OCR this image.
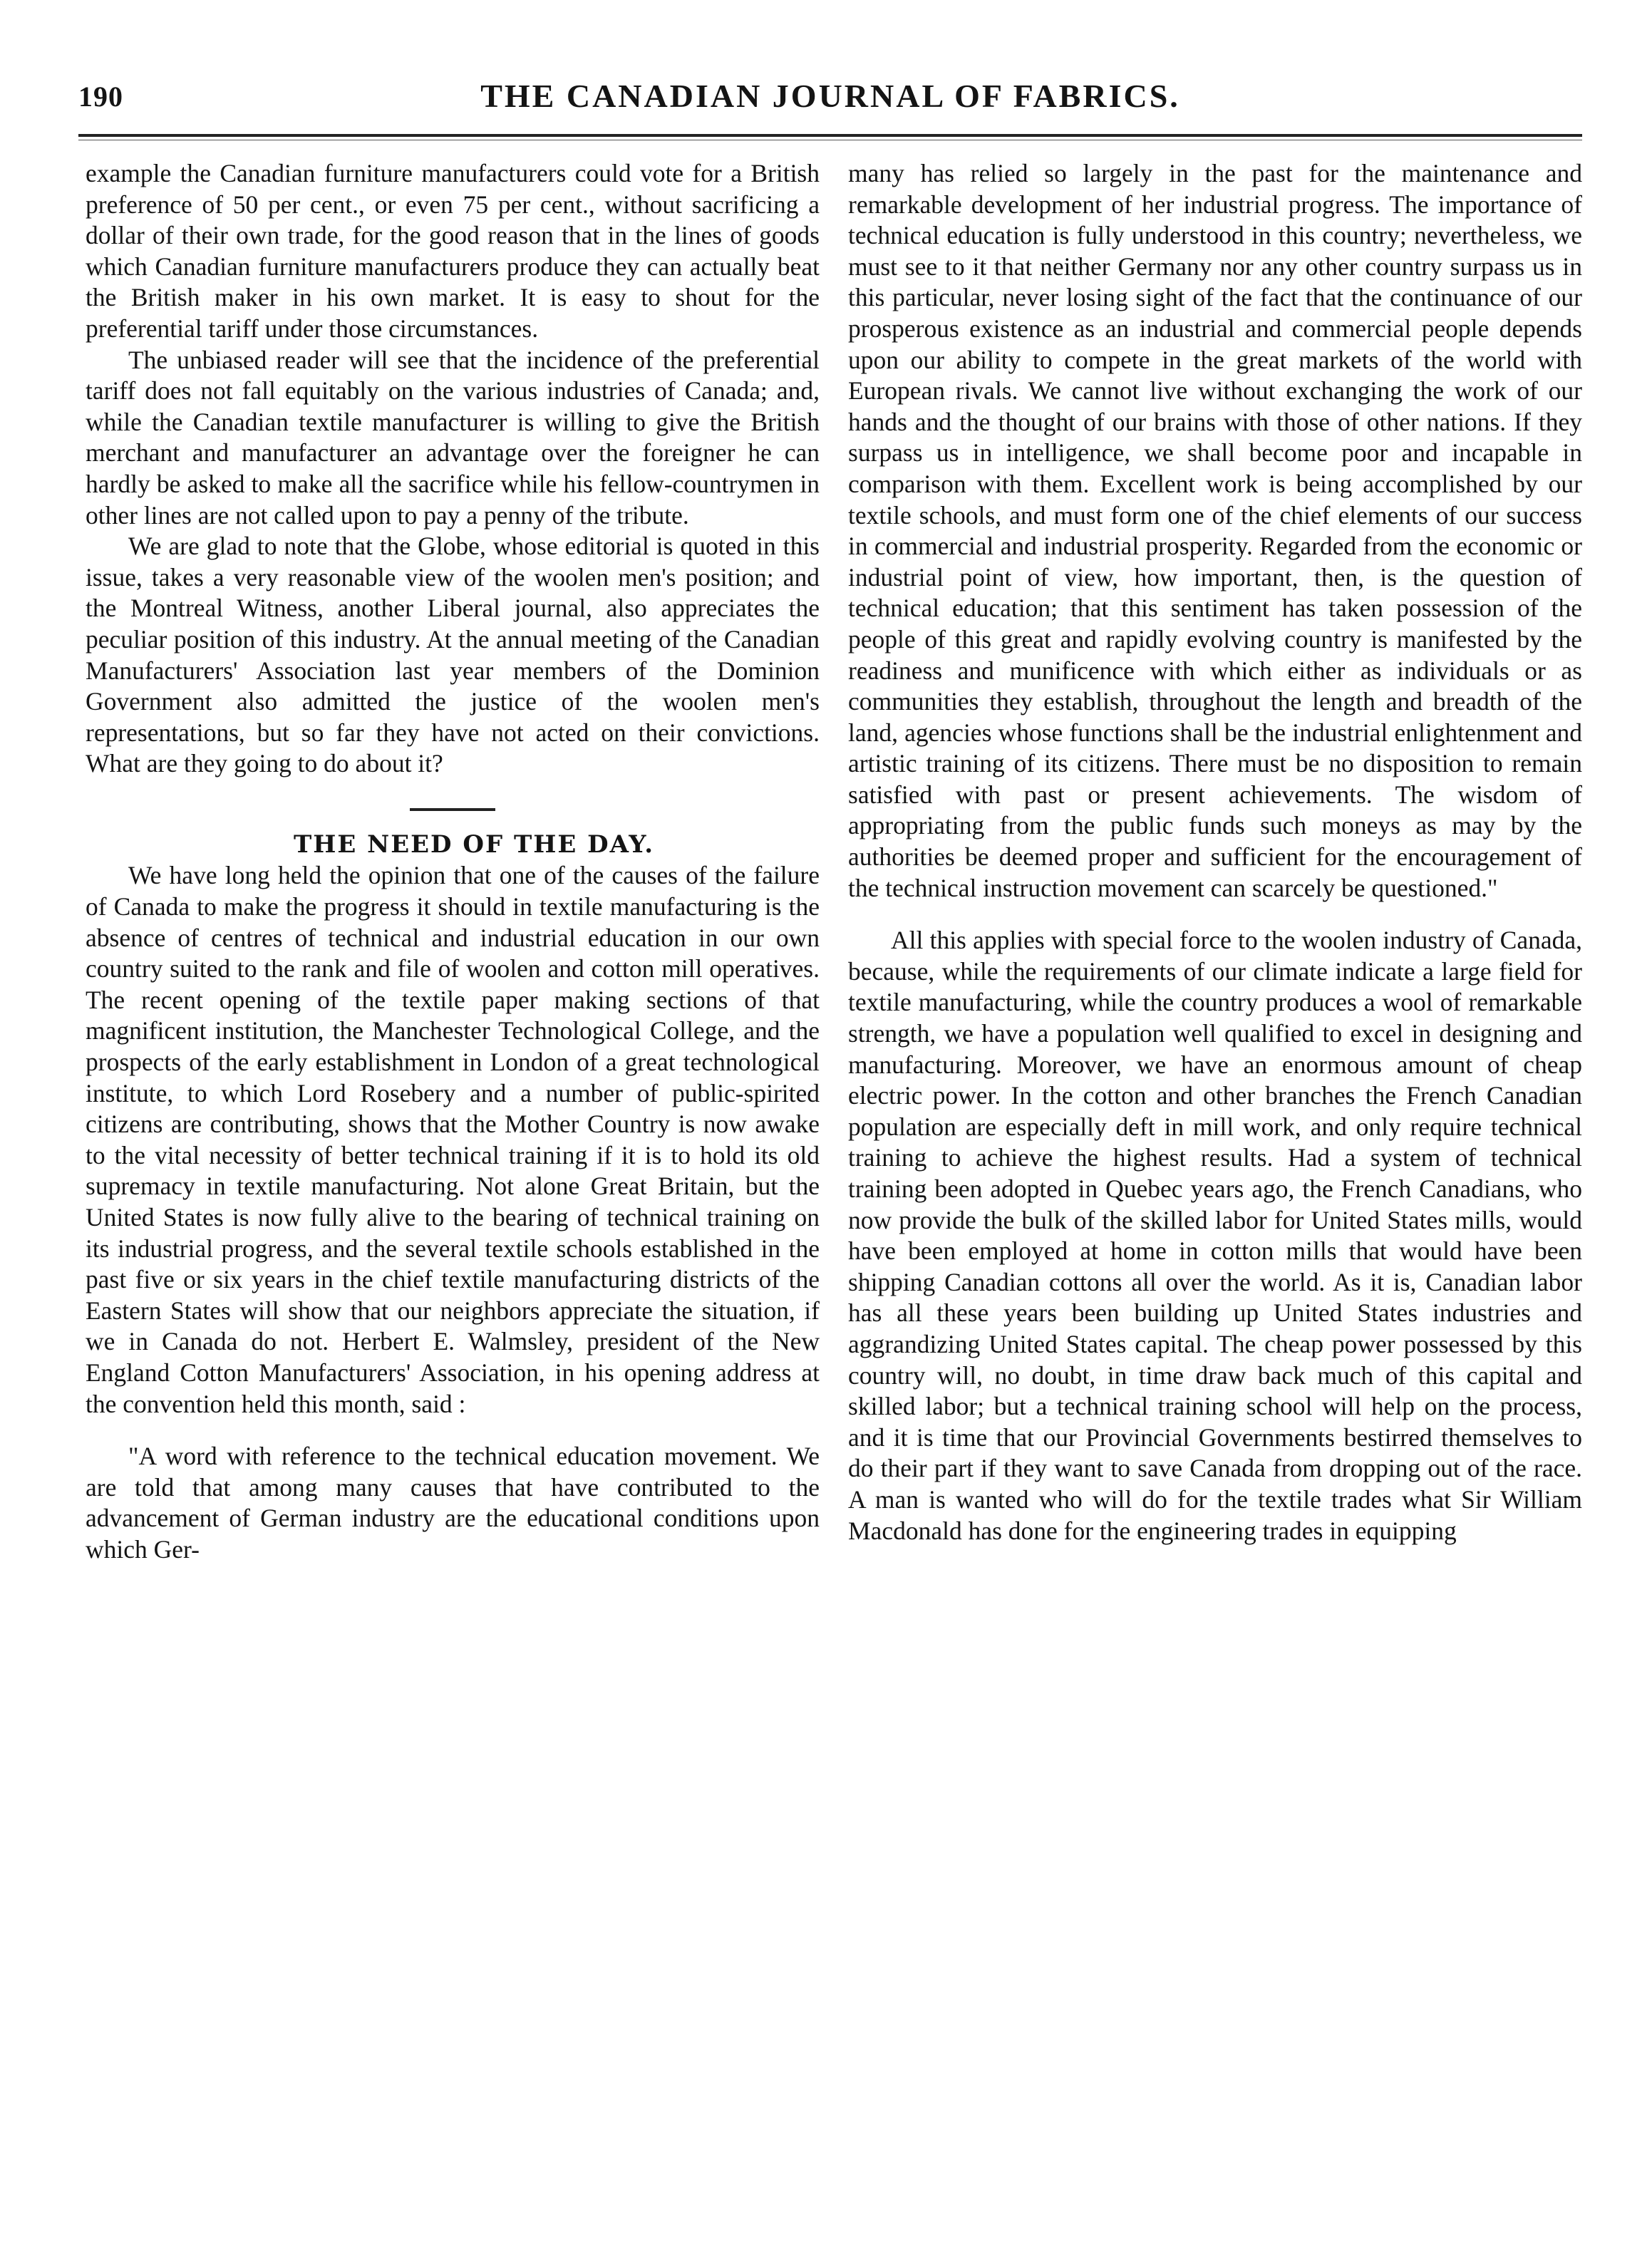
190	THE CANADIAN JOURNAL OF FABRICS.

example the Canadian furniture manufacturers could vote for a British preference of 50 per cent., or even 75 per cent., without sacrificing a dollar of their own trade, for the good reason that in the lines of goods which Canadian furniture manufacturers produce they can actually beat the British maker in his own market. It is easy to shout for the preferential tariff under those circumstances.

The unbiased reader will see that the incidence of the preferential tariff does not fall equitably on the various industries of Canada; and, while the Canadian textile manufacturer is willing to give the British merchant and manufacturer an advantage over the foreigner he can hardly be asked to make all the sacrifice while his fellow-countrymen in other lines are not called upon to pay a penny of the tribute.

We are glad to note that the Globe, whose editorial is quoted in this issue, takes a very reasonable view of the woolen men's position; and the Montreal Witness, another Liberal journal, also appreciates the peculiar position of this industry. At the annual meeting of the Canadian Manufacturers' Association last year members of the Dominion Government also admitted the justice of the woolen men's representations, but so far they have not acted on their convictions. What are they going to do about it?

THE NEED OF THE DAY.

We have long held the opinion that one of the causes of the failure of Canada to make the progress it should in textile manufacturing is the absence of centres of technical and industrial education in our own country suited to the rank and file of woolen and cotton mill operatives. The recent opening of the textile paper making sections of that magnificent institution, the Manchester Technological College, and the prospects of the early establishment in London of a great technological institute, to which Lord Rosebery and a number of public-spirited citizens are contributing, shows that the Mother Country is now awake to the vital necessity of better technical training if it is to hold its old supremacy in textile manufacturing. Not alone Great Britain, but the United States is now fully alive to the bearing of technical training on its industrial progress, and the several textile schools established in the past five or six years in the chief textile manufacturing districts of the Eastern States will show that our neighbors appreciate the situation, if we in Canada do not. Herbert E. Walmsley, president of the New England Cotton Manufacturers' Association, in his opening address at the convention held this month, said :

"A word with reference to the technical education movement. We are told that among many causes that have contributed to the advancement of German industry are the educational conditions upon which Ger-

many has relied so largely in the past for the maintenance and remarkable development of her industrial progress. The importance of technical education is fully understood in this country; nevertheless, we must see to it that neither Germany nor any other country surpass us in this particular, never losing sight of the fact that the continuance of our prosperous existence as an industrial and commercial people depends upon our ability to compete in the great markets of the world with European rivals. We cannot live without exchanging the work of our hands and the thought of our brains with those of other nations. If they surpass us in intelligence, we shall become poor and incapable in comparison with them. Excellent work is being accomplished by our textile schools, and must form one of the chief elements of our success in commercial and industrial prosperity. Regarded from the economic or industrial point of view, how important, then, is the question of technical education; that this sentiment has taken possession of the people of this great and rapidly evolving country is manifested by the readiness and munificence with which either as individuals or as communities they establish, throughout the length and breadth of the land, agencies whose functions shall be the industrial enlightenment and artistic training of its citizens. There must be no disposition to remain satisfied with past or present achievements. The wisdom of appropriating from the public funds such moneys as may by the authorities be deemed proper and sufficient for the encouragement of the technical instruction movement can scarcely be questioned."

All this applies with special force to the woolen industry of Canada, because, while the requirements of our climate indicate a large field for textile manufacturing, while the country produces a wool of remarkable strength, we have a population well qualified to excel in designing and manufacturing. Moreover, we have an enormous amount of cheap electric power. In the cotton and other branches the French Canadian population are especially deft in mill work, and only require technical training to achieve the highest results. Had a system of technical training been adopted in Quebec years ago, the French Canadians, who now provide the bulk of the skilled labor for United States mills, would have been employed at home in cotton mills that would have been shipping Canadian cottons all over the world. As it is, Canadian labor has all these years been building up United States industries and aggrandizing United States capital. The cheap power possessed by this country will, no doubt, in time draw back much of this capital and skilled labor; but a technical training school will help on the process, and it is time that our Provincial Governments bestirred themselves to do their part if they want to save Canada from dropping out of the race. A man is wanted who will do for the textile trades what Sir William Macdonald has done for the engineering trades in equipping
